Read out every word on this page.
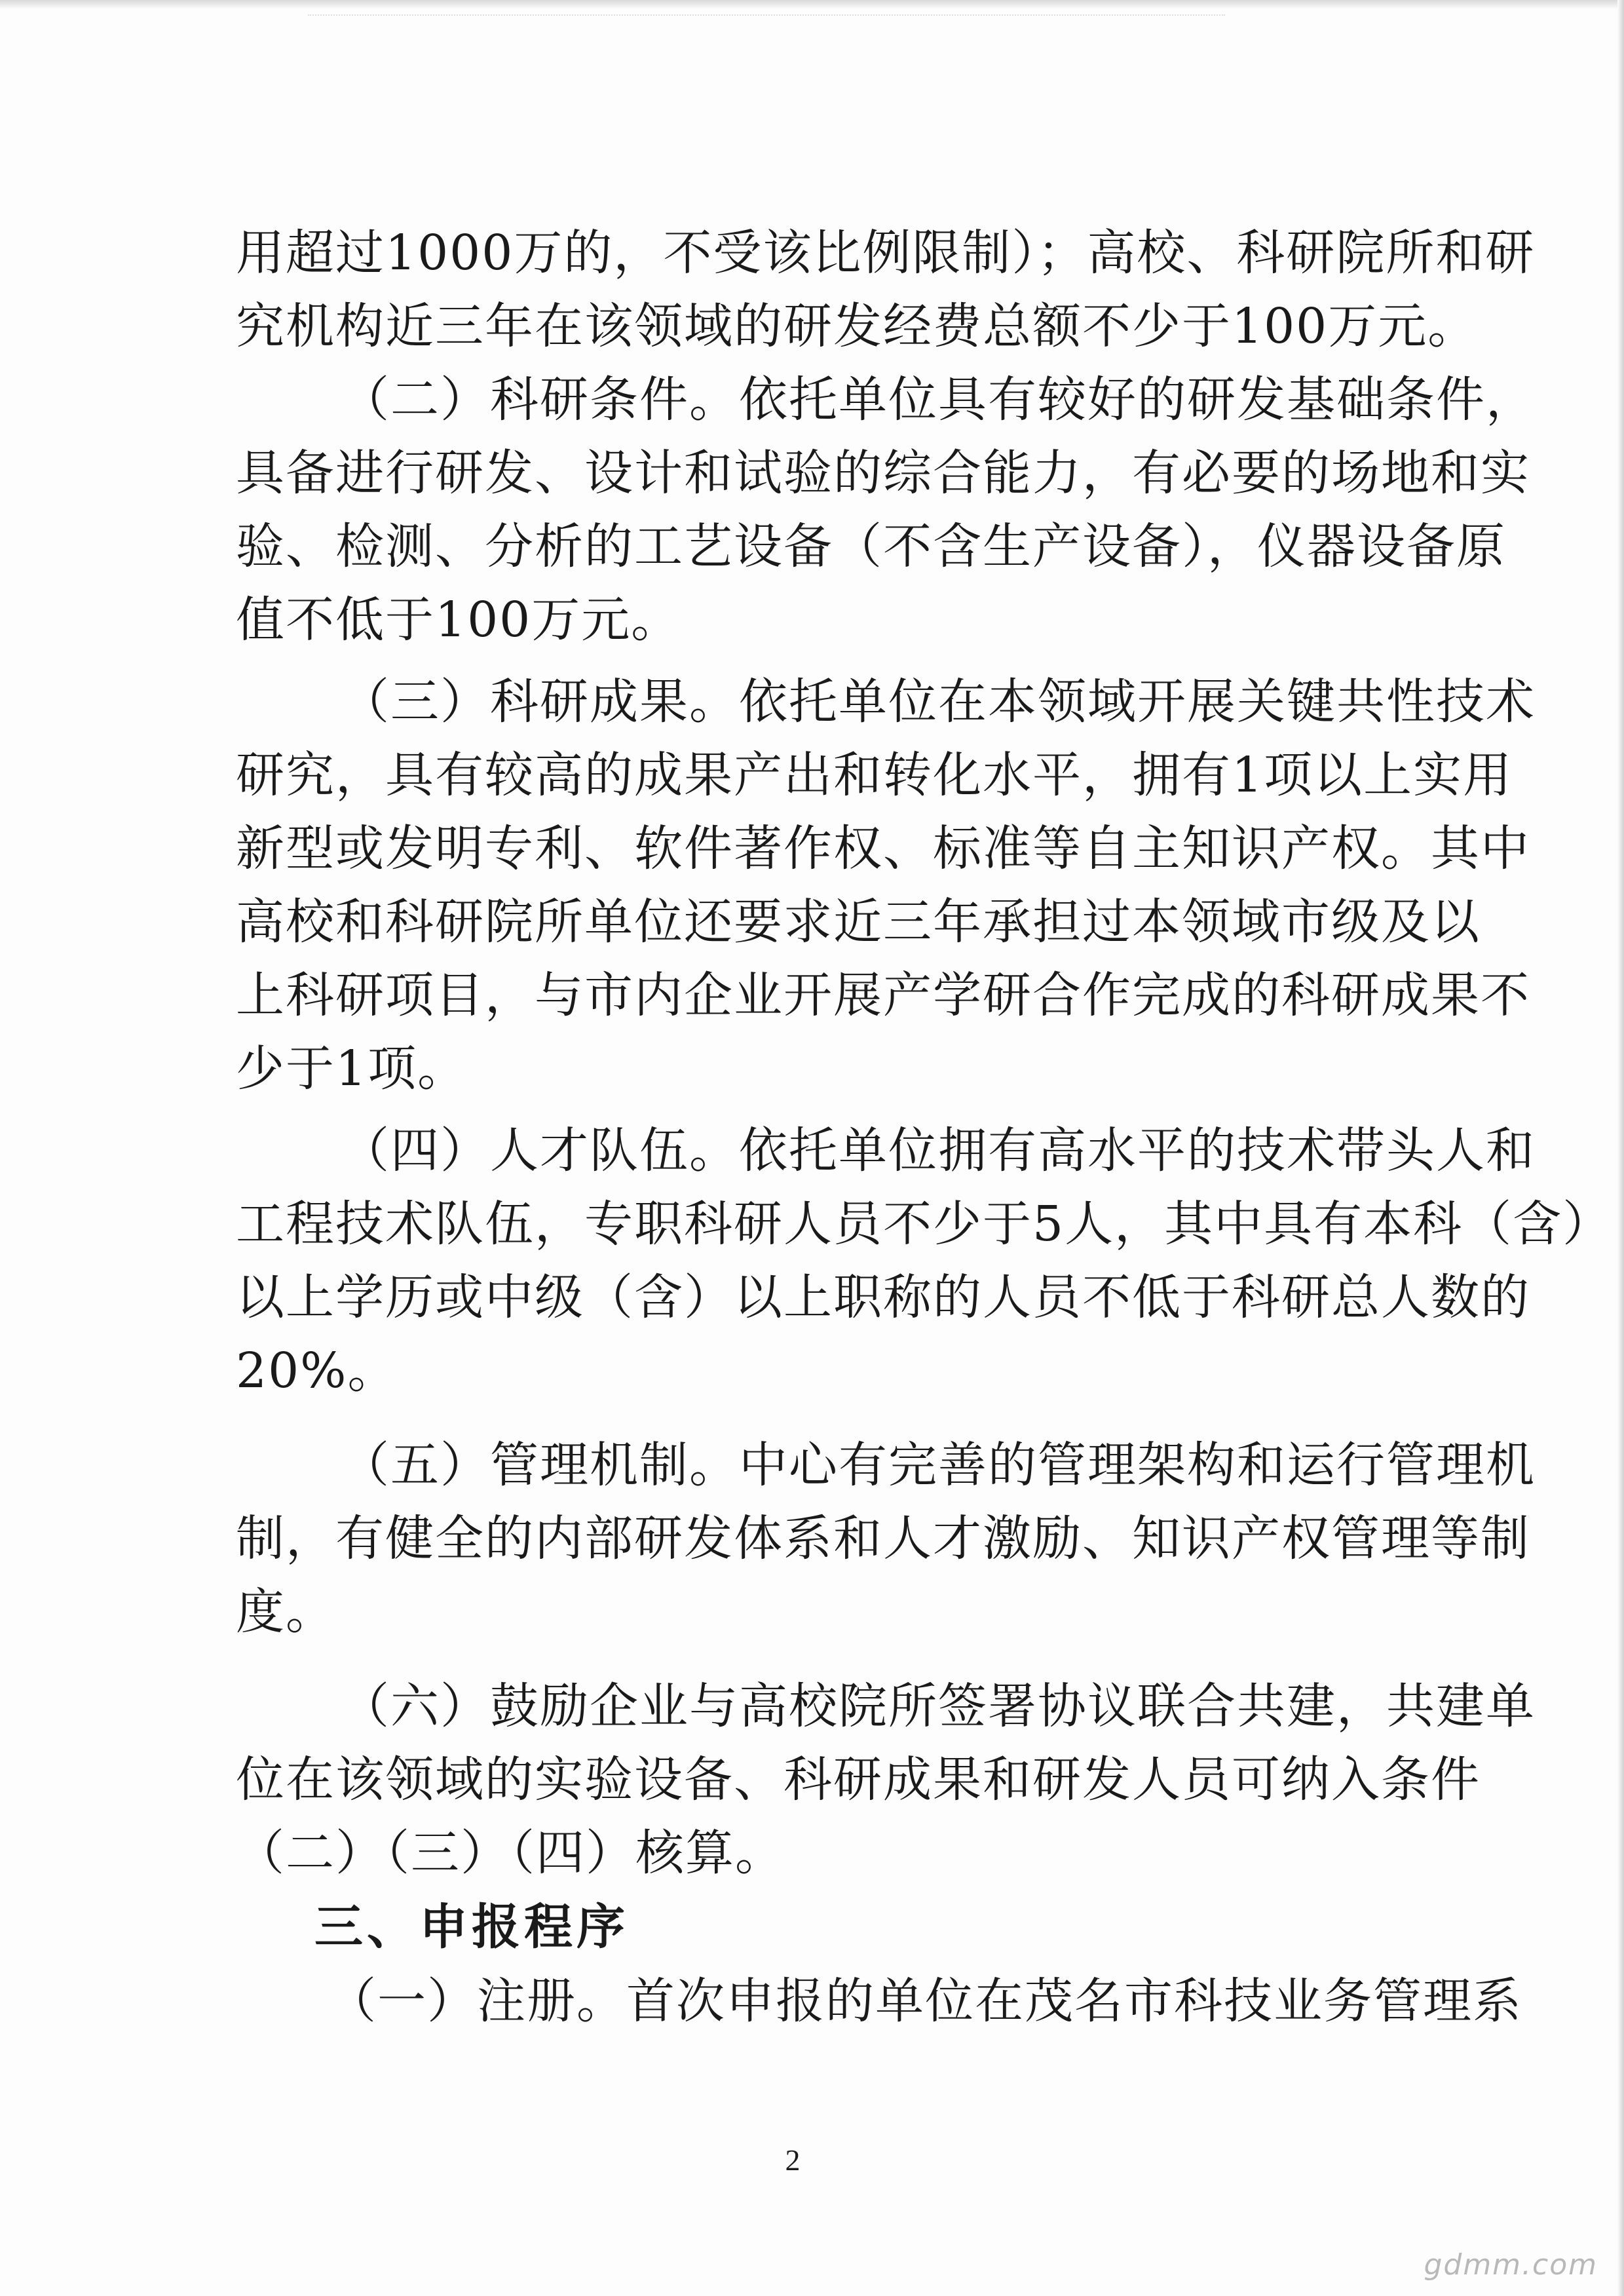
用超过1000万的，不受该比例限制）；高校、科研院所和研
究机构近三年在该领域的研发经费总额不少于100万元。
（二）科研条件。依托单位具有较好的研发基础条件，
具备进行研发、设计和试验的综合能力，有必要的场地和实
验、检测、分析的工艺设备（不含生产设备），仪器设备原
值不低于100万元。
（三）科研成果。依托单位在本领域开展关键共性技术
研究，具有较高的成果产出和转化水平，拥有1项以上实用
新型或发明专利、软件著作权、标准等自主知识产权。其中
高校和科研院所单位还要求近三年承担过本领域市级及以
上科研项目，与市内企业开展产学研合作完成的科研成果不
少于1项。
（四）人才队伍。依托单位拥有高水平的技术带头人和
工程技术队伍，专职科研人员不少于5人，其中具有本科（含）
以上学历或中级（含）以上职称的人员不低于科研总人数的
20%。
（五）管理机制。中心有完善的管理架构和运行管理机
制，有健全的内部研发体系和人才激励、知识产权管理等制
度。
（六）鼓励企业与高校院所签署协议联合共建，共建单
位在该领域的实验设备、科研成果和研发人员可纳入条件
（二）（三）（四）核算。
三、申报程序
（一）注册。首次申报的单位在茂名市科技业务管理系
2
gdmm.com
